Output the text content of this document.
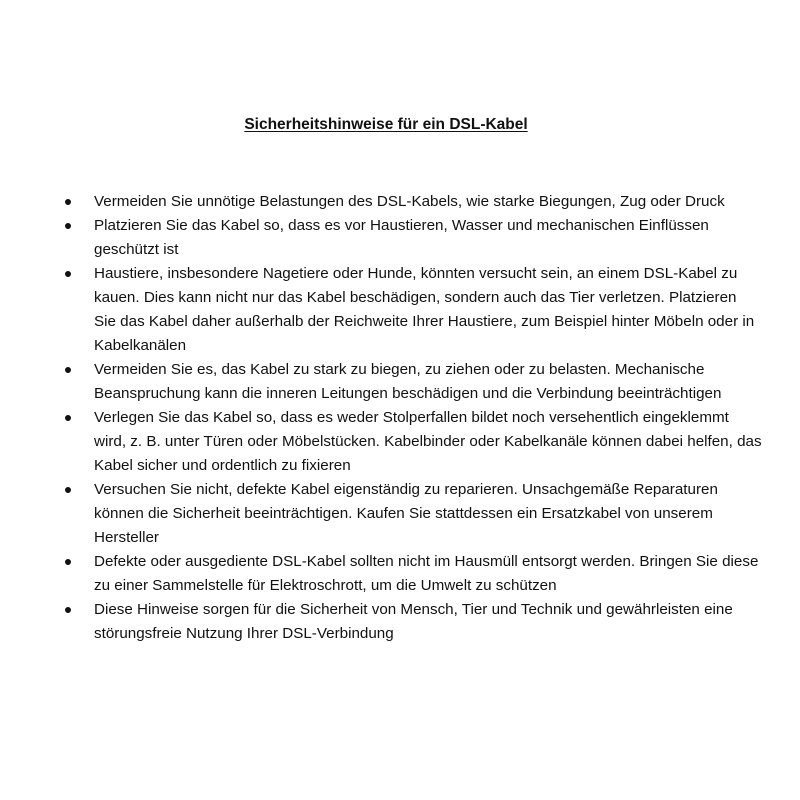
Sicherheitshinweise für ein DSL-Kabel
Vermeiden Sie unnötige Belastungen des DSL-Kabels, wie starke Biegungen, Zug oder Druck
Platzieren Sie das Kabel so, dass es vor Haustieren, Wasser und mechanischen Einflüssen geschützt ist
Haustiere, insbesondere Nagetiere oder Hunde, könnten versucht sein, an einem DSL-Kabel zu kauen. Dies kann nicht nur das Kabel beschädigen, sondern auch das Tier verletzen. Platzieren Sie das Kabel daher außerhalb der Reichweite Ihrer Haustiere, zum Beispiel hinter Möbeln oder in Kabelkanälen
Vermeiden Sie es, das Kabel zu stark zu biegen, zu ziehen oder zu belasten. Mechanische Beanspruchung kann die inneren Leitungen beschädigen und die Verbindung beeinträchtigen
Verlegen Sie das Kabel so, dass es weder Stolperfallen bildet noch versehentlich eingeklemmt wird, z. B. unter Türen oder Möbelstücken. Kabelbinder oder Kabelkanäle können dabei helfen, das Kabel sicher und ordentlich zu fixieren
Versuchen Sie nicht, defekte Kabel eigenständig zu reparieren. Unsachgemäße Reparaturen können die Sicherheit beeinträchtigen. Kaufen Sie stattdessen ein Ersatzkabel von unserem Hersteller
Defekte oder ausgediente DSL-Kabel sollten nicht im Hausmüll entsorgt werden. Bringen Sie diese zu einer Sammelstelle für Elektroschrott, um die Umwelt zu schützen
Diese Hinweise sorgen für die Sicherheit von Mensch, Tier und Technik und gewährleisten eine störungsfreie Nutzung Ihrer DSL-Verbindung
